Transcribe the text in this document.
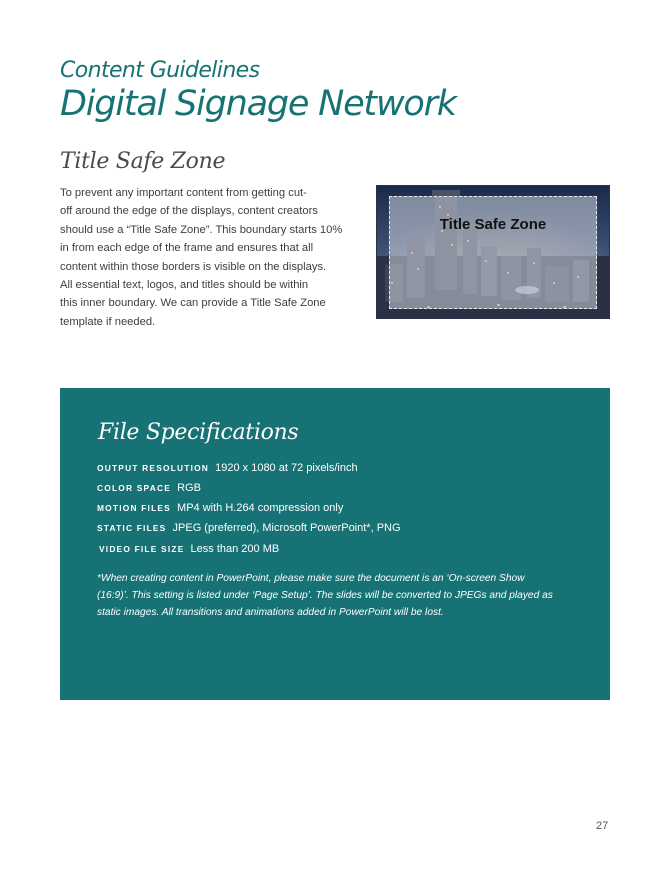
Content Guidelines
Digital Signage Network
Title Safe Zone
To prevent any important content from getting cut-
off around the edge of the displays, content creators
should use a “Title Safe Zone”. This boundary starts 10%
in from each edge of the frame and ensures that all
content within those borders is visible on the displays.
All essential text, logos, and titles should be within
this inner boundary. We can provide a Title Safe Zone
template if needed.
Title Safe Zone
File Specifications
OUTPUT RESOLUTION 1920 x 1080 at 72 pixels/inch
COLOR SPACE RGB
MOTION FILES MP4 with H.264 compression only
STATIC FILES JPEG (preferred), Microsoft PowerPoint*, PNG
VIDEO FILE SIZE Less than 200 MB
*When creating content in PowerPoint, please make sure the document is an ‘On-screen Show
(16:9)’. This setting is listed under ‘Page Setup’. The slides will be converted to JPEGs and played as
static images. All transitions and animations added in PowerPoint will be lost.
27
